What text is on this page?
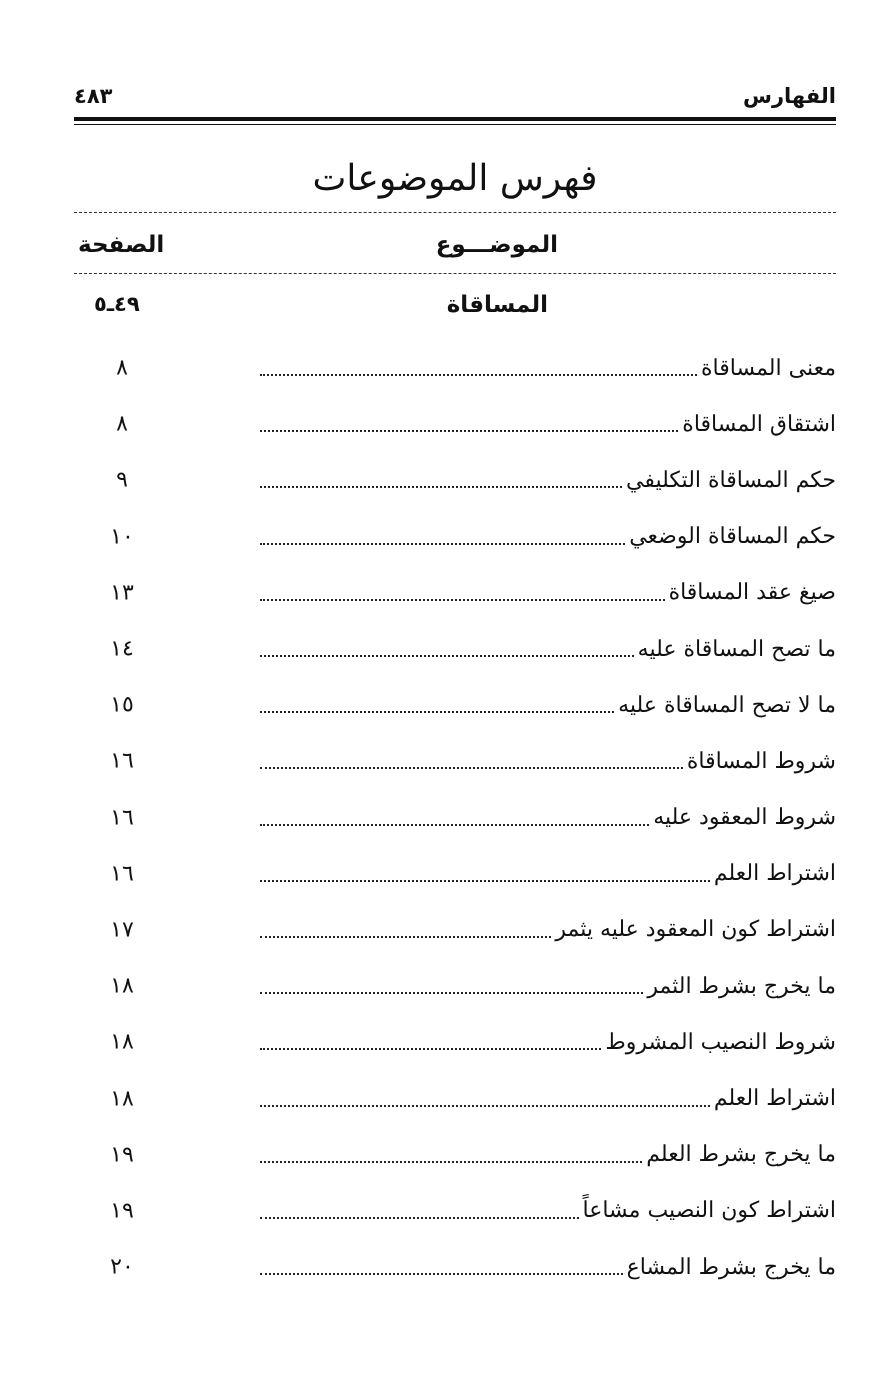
الفهارس
٤٨٣
فهرس الموضوعات
الموضـــوع
الصفحة
المساقاة
٤٩ـ٥
معنى المساقاة
٨
اشتقاق المساقاة
٨
حكم المساقاة التكليفي
٩
حكم المساقاة الوضعي
١٠
صيغ عقد المساقاة
١٣
ما تصح المساقاة عليه
١٤
ما لا تصح المساقاة عليه
١٥
شروط المساقاة
١٦
شروط المعقود عليه
١٦
اشتراط العلم
١٦
اشتراط كون المعقود عليه يثمر
١٧
ما يخرج بشرط الثمر
١٨
شروط النصيب المشروط
١٨
اشتراط العلم
١٨
ما يخرج بشرط العلم
١٩
اشتراط كون النصيب مشاعاً
١٩
ما يخرج بشرط المشاع
٢٠
